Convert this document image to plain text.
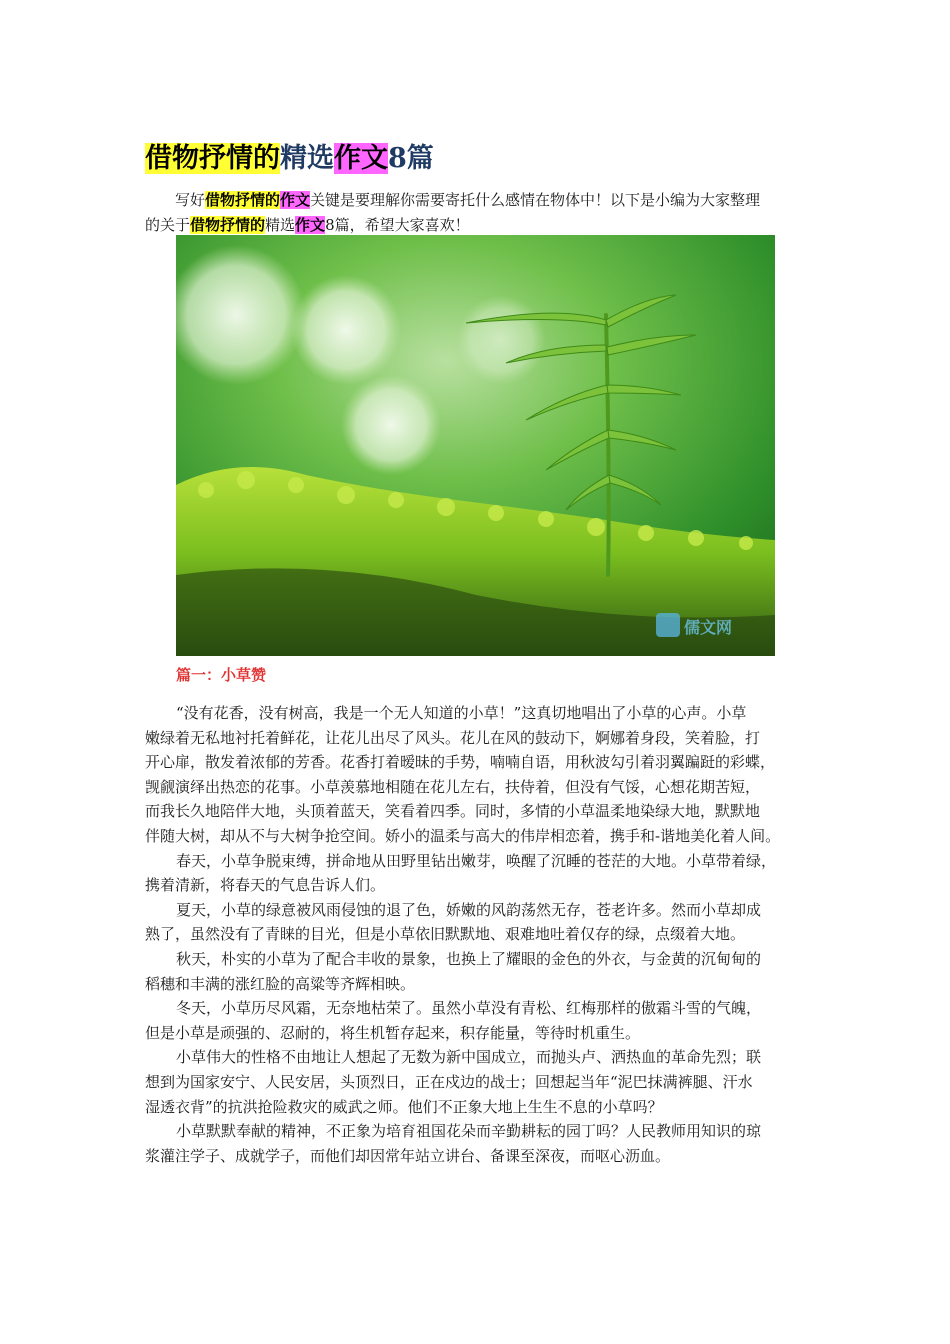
借物抒情的精选作文8篇

写好借物抒情的作文关键是要理解你需要寄托什么感情在物体中！以下是小编为大家整理

的关于借物抒情的精选作文8篇，希望大家喜欢！

儒文网
篇一：小草赞

“没有花香，没有树高，我是一个无人知道的小草！”这真切地唱出了小草的心声。小草

嫩绿着无私地衬托着鲜花，让花儿出尽了风头。花儿在风的鼓动下，婀娜着身段，笑着脸，打

开心扉，散发着浓郁的芳香。花香打着暧昧的手势，喃喃自语，用秋波勾引着羽翼蹁跹的彩蝶，

觊觎演绎出热恋的花事。小草羡慕地相随在花儿左右，扶侍着，但没有气馁，心想花期苦短，

而我长久地陪伴大地，头顶着蓝天，笑看着四季。同时，多情的小草温柔地染绿大地，默默地

伴随大树，却从不与大树争抢空间。娇小的温柔与高大的伟岸相恋着，携手和-谐地美化着人间。

春天，小草争脱束缚，拼命地从田野里钻出嫩芽，唤醒了沉睡的苍茫的大地。小草带着绿，

携着清新，将春天的气息告诉人们。

夏天，小草的绿意被风雨侵蚀的退了色，娇嫩的风韵荡然无存，苍老许多。然而小草却成

熟了，虽然没有了青睐的目光，但是小草依旧默默地、艰难地吐着仅存的绿，点缀着大地。

秋天，朴实的小草为了配合丰收的景象，也换上了耀眼的金色的外衣，与金黄的沉甸甸的

稻穗和丰满的涨红脸的高粱等齐辉相映。

冬天，小草历尽风霜，无奈地枯荣了。虽然小草没有青松、红梅那样的傲霜斗雪的气魄，

但是小草是顽强的、忍耐的，将生机暂存起来，积存能量，等待时机重生。

小草伟大的性格不由地让人想起了无数为新中国成立，而抛头卢、洒热血的革命先烈；联

想到为国家安宁、人民安居，头顶烈日，正在戍边的战士；回想起当年“泥巴抹满裤腿、汗水

湿透衣背”的抗洪抢险救灾的威武之师。他们不正象大地上生生不息的小草吗？

小草默默奉献的精神，不正象为培育祖国花朵而辛勤耕耘的园丁吗？人民教师用知识的琼

浆灌注学子、成就学子，而他们却因常年站立讲台、备课至深夜，而呕心沥血。
